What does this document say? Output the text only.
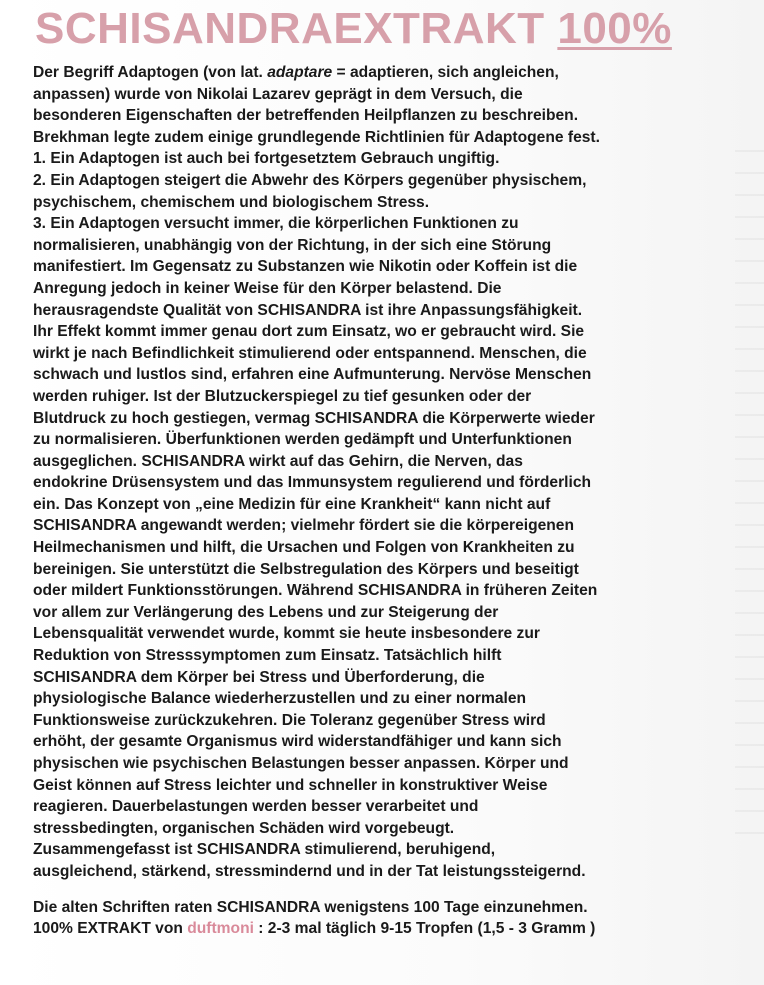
SCHISANDRAEXTRAKT 100%
Der Begriff Adaptogen (von lat. adaptare = adaptieren, sich angleichen,
anpassen) wurde von Nikolai Lazarev geprägt in dem Versuch, die
besonderen Eigenschaften der betreffenden Heilpflanzen zu beschreiben.
Brekhman legte zudem einige grundlegende Richtlinien für Adaptogene fest.
1. Ein Adaptogen ist auch bei fortgesetztem Gebrauch ungiftig.
2. Ein Adaptogen steigert die Abwehr des Körpers gegenüber physischem,
psychischem, chemischem und biologischem Stress.
3. Ein Adaptogen versucht immer, die körperlichen Funktionen zu
normalisieren, unabhängig von der Richtung, in der sich eine Störung
manifestiert. Im Gegensatz zu Substanzen wie Nikotin oder Koffein ist die
Anregung jedoch in keiner Weise für den Körper belastend. Die
herausragendste Qualität von SCHISANDRA ist ihre Anpassungsfähigkeit.
Ihr Effekt kommt immer genau dort zum Einsatz, wo er gebraucht wird. Sie
wirkt je nach Befindlichkeit stimulierend oder entspannend. Menschen, die
schwach und lustlos sind, erfahren eine Aufmunterung. Nervöse Menschen
werden ruhiger. Ist der Blutzuckerspiegel zu tief gesunken oder der
Blutdruck zu hoch gestiegen, vermag SCHISANDRA die Körperwerte wieder
zu normalisieren. Überfunktionen werden gedämpft und Unterfunktionen
ausgeglichen. SCHISANDRA wirkt auf das Gehirn, die Nerven, das
endokrine Drüsensystem und das Immunsystem regulierend und förderlich
ein. Das Konzept von „eine Medizin für eine Krankheit“ kann nicht auf
SCHISANDRA angewandt werden; vielmehr fördert sie die körpereigenen
Heilmechanismen und hilft, die Ursachen und Folgen von Krankheiten zu
bereinigen. Sie unterstützt die Selbstregulation des Körpers und beseitigt
oder mildert Funktionsstörungen. Während SCHISANDRA in früheren Zeiten
vor allem zur Verlängerung des Lebens und zur Steigerung der
Lebensqualität verwendet wurde, kommt sie heute insbesondere zur
Reduktion von Stresssymptomen zum Einsatz. Tatsächlich hilft
SCHISANDRA dem Körper bei Stress und Überforderung, die
physiologische Balance wiederherzustellen und zu einer normalen
Funktionsweise zurückzukehren. Die Toleranz gegenüber Stress wird
erhöht, der gesamte Organismus wird widerstandfähiger und kann sich
physischen wie psychischen Belastungen besser anpassen. Körper und
Geist können auf Stress leichter und schneller in konstruktiver Weise
reagieren. Dauerbelastungen werden besser verarbeitet und
stressbedingten, organischen Schäden wird vorgebeugt.
Zusammengefasst ist SCHISANDRA stimulierend, beruhigend,
ausgleichend, stärkend, stressmindernd und in der Tat leistungssteigernd.
Die alten Schriften raten SCHISANDRA wenigstens 100 Tage einzunehmen.
100% EXTRAKT von duftmoni : 2-3 mal täglich 9-15 Tropfen (1,5 - 3 Gramm )
